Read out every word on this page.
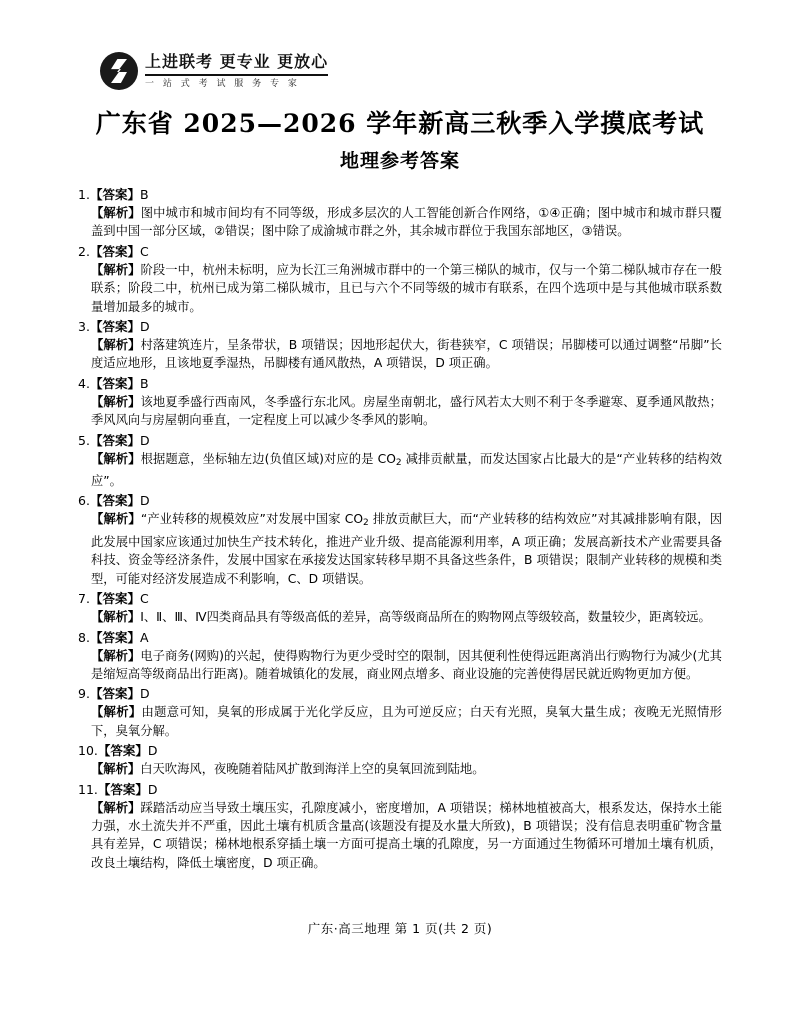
上进联考 更专业 更放心
一 站 式 考 试 服 务 专 家
广东省 2025—2026 学年新高三秋季入学摸底考试
地理参考答案
1.【答案】B
【解析】图中城市和城市间均有不同等级，形成多层次的人工智能创新合作网络，①④正确；图中城市和城市群只覆盖到中国一部分区域，②错误；图中除了成渝城市群之外，其余城市群位于我国东部地区，③错误。
2.【答案】C
【解析】阶段一中，杭州未标明，应为长江三角洲城市群中的一个第三梯队的城市，仅与一个第二梯队城市存在一般联系；阶段二中，杭州已成为第二梯队城市，且已与六个不同等级的城市有联系，在四个选项中是与其他城市联系数量增加最多的城市。
3.【答案】D
【解析】村落建筑连片，呈条带状，B 项错误；因地形起伏大，街巷狭窄，C 项错误；吊脚楼可以通过调整“吊脚”长度适应地形，且该地夏季湿热，吊脚楼有通风散热，A 项错误，D 项正确。
4.【答案】B
【解析】该地夏季盛行西南风，冬季盛行东北风。房屋坐南朝北，盛行风若太大则不利于冬季避寒、夏季通风散热；季风风向与房屋朝向垂直，一定程度上可以减少冬季风的影响。
5.【答案】D
【解析】根据题意，坐标轴左边(负值区域)对应的是 $CO_2$ 减排贡献量，而发达国家占比最大的是“产业转移的结构效应”。
6.【答案】D
【解析】“产业转移的规模效应”对发展中国家 $CO_2$ 排放贡献巨大，而“产业转移的结构效应”对其减排影响有限，因此发展中国家应该通过加快生产技术转化，推进产业升级、提高能源利用率，A 项正确；发展高新技术产业需要具备科技、资金等经济条件，发展中国家在承接发达国家转移早期不具备这些条件，B 项错误；限制产业转移的规模和类型，可能对经济发展造成不利影响，C、D 项错误。
7.【答案】C
【解析】Ⅰ、Ⅱ、Ⅲ、Ⅳ四类商品具有等级高低的差异，高等级商品所在的购物网点等级较高，数量较少，距离较远。
8.【答案】A
【解析】电子商务(网购)的兴起，使得购物行为更少受时空的限制，因其便利性使得远距离消出行购物行为减少(尤其是缩短高等级商品出行距离)。随着城镇化的发展，商业网点增多、商业设施的完善使得居民就近购物更加方便。
9.【答案】D
【解析】由题意可知，臭氧的形成属于光化学反应，且为可逆反应；白天有光照，臭氧大量生成；夜晚无光照情形下，臭氧分解。
10.【答案】D
【解析】白天吹海风，夜晚随着陆风扩散到海洋上空的臭氧回流到陆地。
11.【答案】D
【解析】踩踏活动应当导致土壤压实，孔隙度减小，密度增加，A 项错误；梯林地植被高大，根系发达，保持水土能力强，水土流失并不严重，因此土壤有机质含量高(该题没有提及水量大所致)，B 项错误；没有信息表明重矿物含量具有差异，C 项错误；梯林地根系穿插土壤一方面可提高土壤的孔隙度，另一方面通过生物循环可增加土壤有机质，改良土壤结构，降低土壤密度，D 项正确。
广东·高三地理 第 1 页(共 2 页)
